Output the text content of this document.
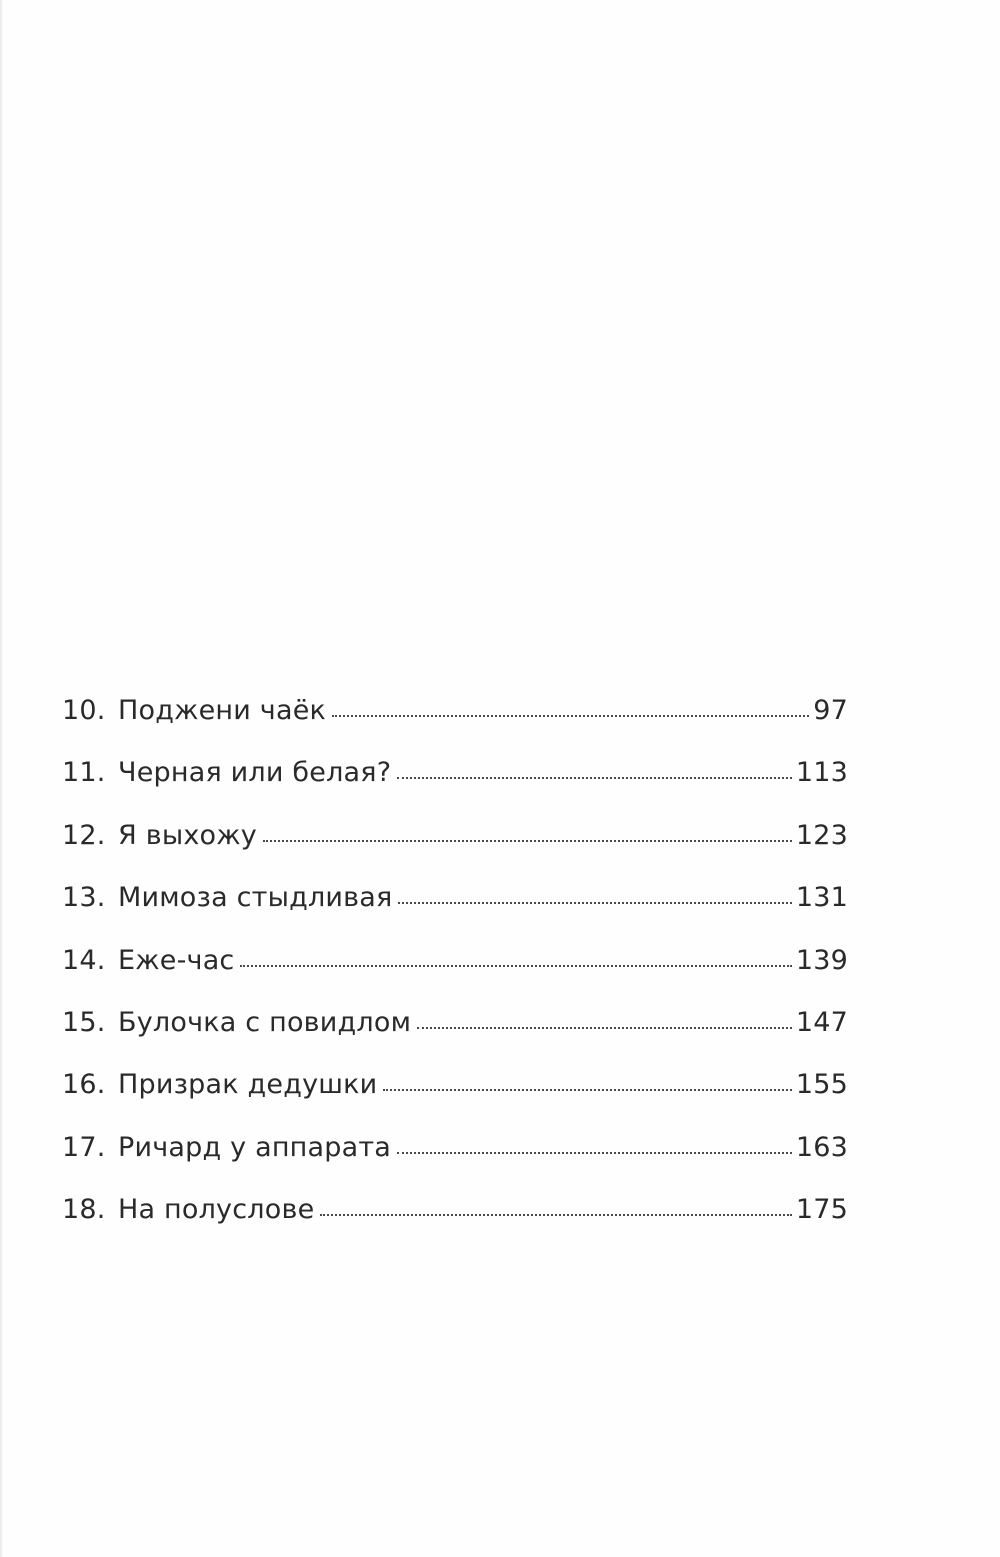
10. Поджени чаёк	97
11. Черная или белая?	113
12. Я выхожу	123
13. Мимоза стыдливая	131
14. Еже-час	139
15. Булочка с повидлом	147
16. Призрак дедушки	155
17. Ричард у аппарата	163
18. На полуслове	175
